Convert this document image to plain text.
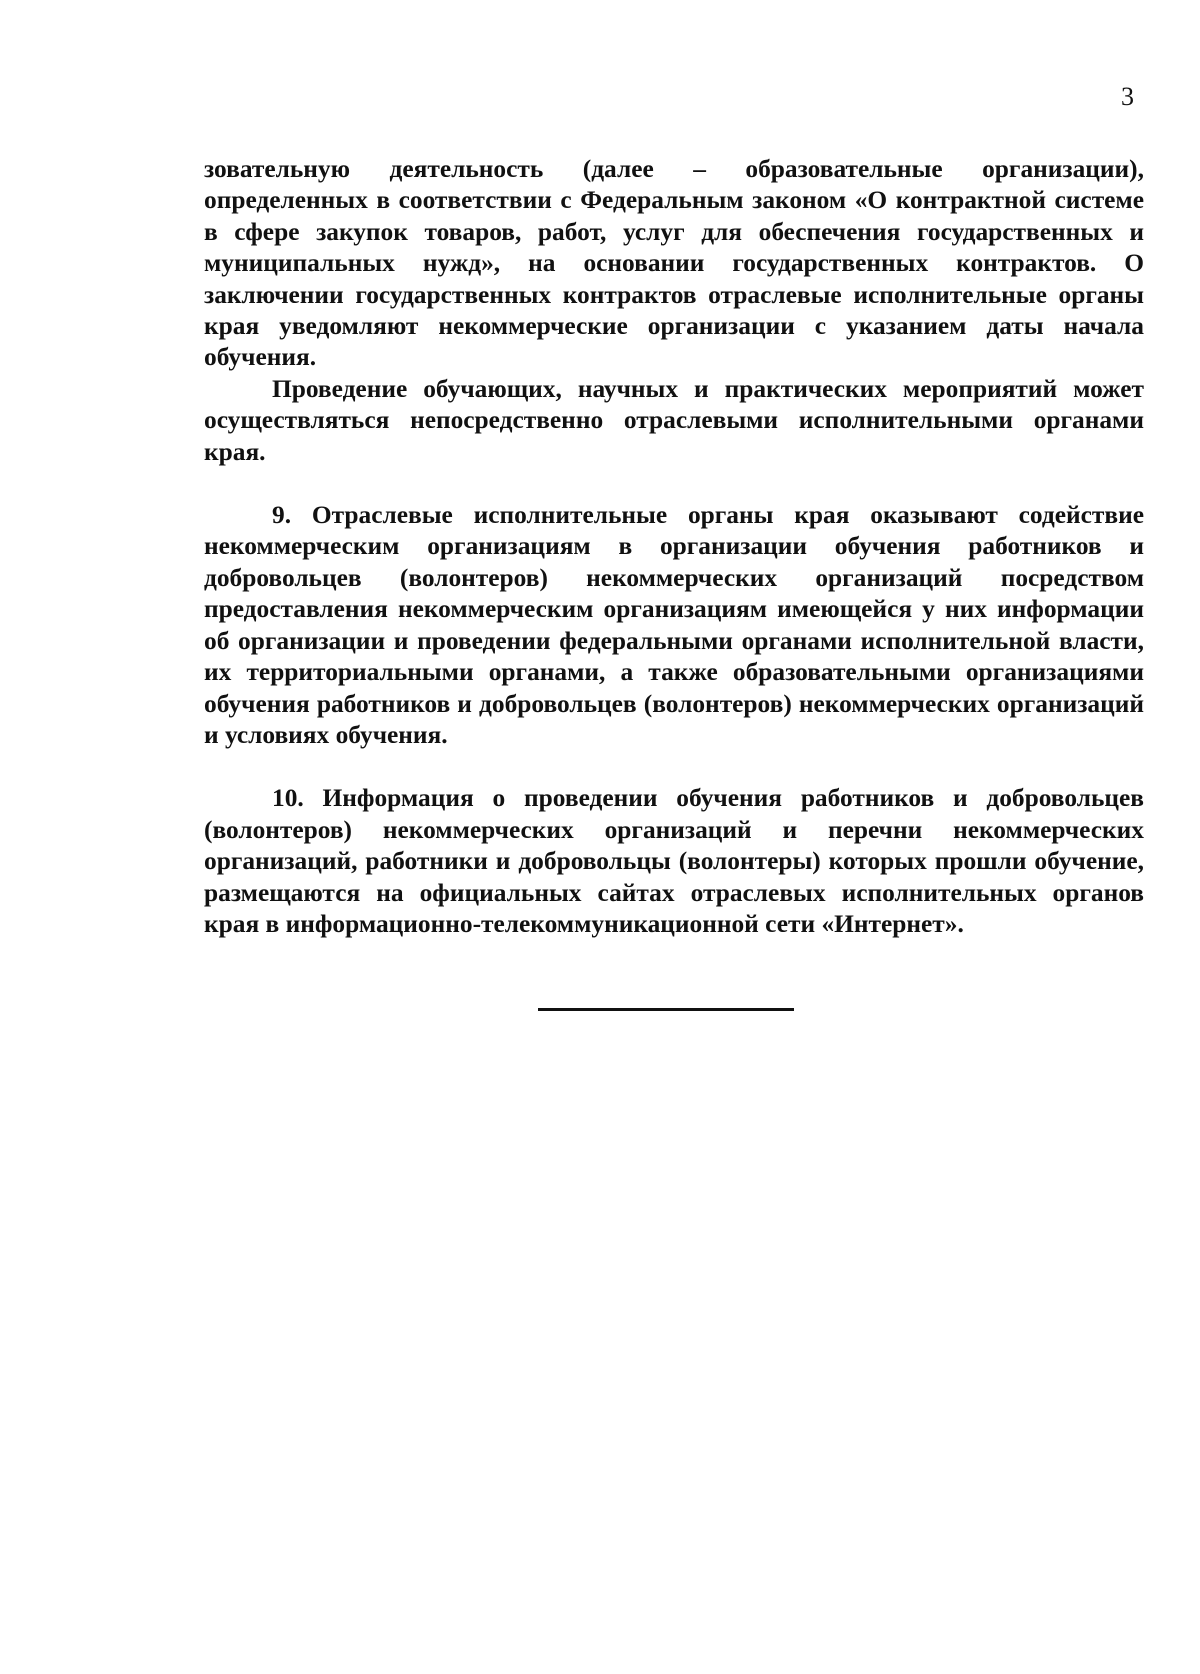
3

зовательную деятельность (далее – образовательные организации), определенных в соответствии с Федеральным законом «О контрактной системе в сфере закупок товаров, работ, услуг для обеспечения государственных и муниципальных нужд», на основании государственных контрактов. О заключении государственных контрактов отраслевые исполнительные органы края уведомляют некоммерческие организации с указанием даты начала обучения.

Проведение обучающих, научных и практических мероприятий может осуществляться непосредственно отраслевыми исполнительными органами края.

9. Отраслевые исполнительные органы края оказывают содействие некоммерческим организациям в организации обучения работников и добровольцев (волонтеров) некоммерческих организаций посредством предоставления некоммерческим организациям имеющейся у них информации об организации и проведении федеральными органами исполнительной власти, их территориальными органами, а также образовательными организациями обучения работников и добровольцев (волонтеров) некоммерческих организаций и условиях обучения.

10. Информация о проведении обучения работников и добровольцев (волонтеров) некоммерческих организаций и перечни некоммерческих организаций, работники и добровольцы (волонтеры) которых прошли обучение, размещаются на официальных сайтах отраслевых исполнительных органов края в информационно-телекоммуникационной сети «Интернет».
